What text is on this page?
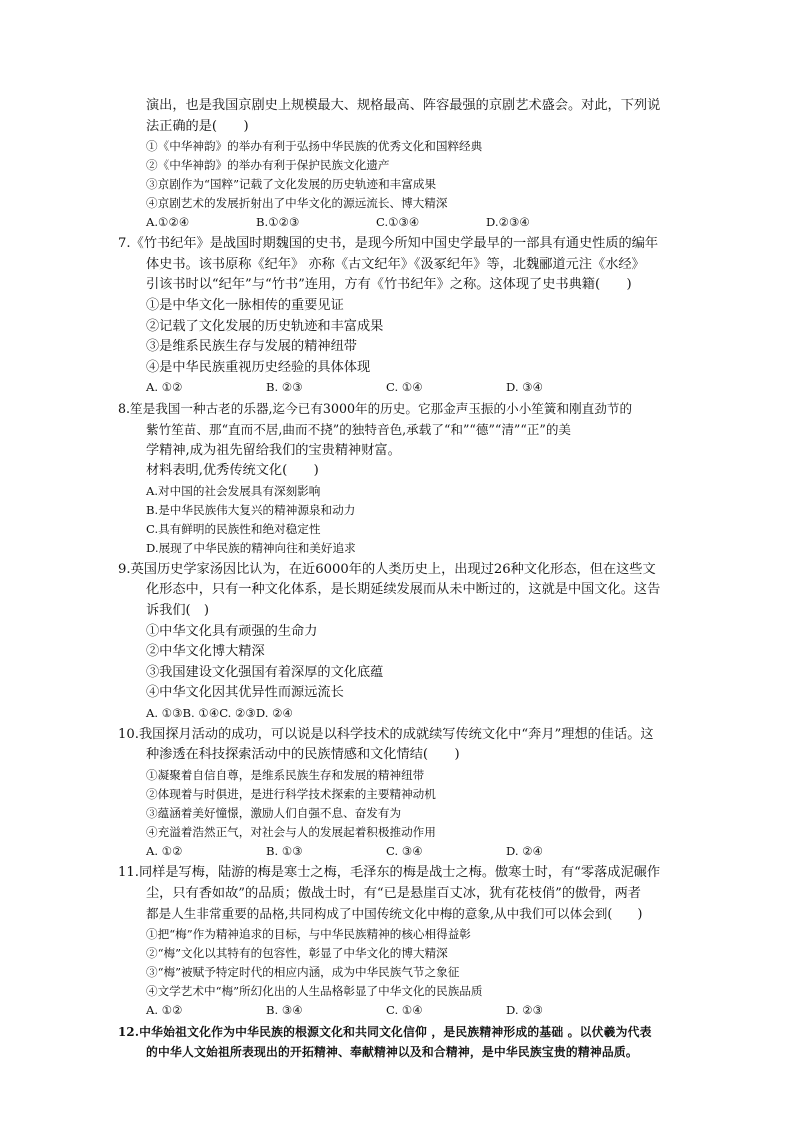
演出，也是我国京剧史上规模最大、规格最高、阵容最强的京剧艺术盛会。对此，下列说
法正确的是(　　)
①《中华神韵》的举办有利于弘扬中华民族的优秀文化和国粹经典
②《中华神韵》的举办有利于保护民族文化遗产
③京剧作为“国粹”记载了文化发展的历史轨迹和丰富成果
④京剧艺术的发展折射出了中华文化的源远流长、博大精深
A.①②④	B.①②③	C.①③④	D.②③④
7.《竹书纪年》是战国时期魏国的史书，是现今所知中国史学最早的一部具有通史性质的编年
体史书。该书原称《纪年》 亦称《古文纪年》《汲冢纪年》等，北魏郦道元注《水经》
引该书时以“纪年”与“竹书”连用，方有《竹书纪年》之称。这体现了史书典籍(　　)
①是中华文化一脉相传的重要见证
②记载了文化发展的历史轨迹和丰富成果
③是维系民族生存与发展的精神纽带
④是中华民族重视历史经验的具体体现
A. ①②	B. ②③	C. ①④	D. ③④
8.笙是我国一种古老的乐器,迄今已有3000年的历史。它那金声玉振的小小笙簧和刚直劲节的
紫竹笙苗、那“直而不居,曲而不挠”的独特音色,承载了“和”“德”“清”“正”的美
学精神,成为祖先留给我们的宝贵精神财富。
材料表明,优秀传统文化(　　)
A.对中国的社会发展具有深刻影响
B.是中华民族伟大复兴的精神源泉和动力
C.具有鲜明的民族性和绝对稳定性
D.展现了中华民族的精神向往和美好追求
9.英国历史学家汤因比认为，在近6000年的人类历史上，出现过26种文化形态，但在这些文
化形态中，只有一种文化体系，是长期延续发展而从未中断过的，这就是中国文化。这告
诉我们(　)
①中华文化具有顽强的生命力
②中华文化博大精深
③我国建设文化强国有着深厚的文化底蕴
④中华文化因其优异性而源远流长
A. ①③B. ①④C. ②③D. ②④
10.我国探月活动的成功，可以说是以科学技术的成就续写传统文化中“奔月”理想的佳话。这
种渗透在科技探索活动中的民族情感和文化情结(　　)
①凝聚着自信自尊，是维系民族生存和发展的精神纽带
②体现着与时俱进，是进行科学技术探索的主要精神动机
③蕴涵着美好憧憬，激励人们自强不息、奋发有为
④充溢着浩然正气，对社会与人的发展起着积极推动作用
A. ①②	B. ①③	C. ③④	D. ②④
11.同样是写梅，陆游的梅是寒士之梅，毛泽东的梅是战士之梅。傲寒士时，有“零落成泥碾作
尘，只有香如故”的品质；傲战士时，有“已是悬崖百丈冰，犹有花枝俏”的傲骨，两者
都是人生非常重要的品格,共同构成了中国传统文化中梅的意象,从中我们可以体会到(　　)
①把“梅”作为精神追求的目标，与中华民族精神的核心相得益彰
②“梅”文化以其特有的包容性，彰显了中华文化的博大精深
③“梅”被赋予特定时代的相应内涵，成为中华民族气节之象征
④文学艺术中“梅”所幻化出的人生品格彰显了中华文化的民族品质
A. ①②	B. ③④	C. ①④	D. ②③
12.中华始祖文化作为中华民族的根源文化和共同文化信仰 ，是民族精神形成的基础 。以伏羲为代表
的中华人文始祖所表现出的开拓精神、奉献精神以及和合精神，是中华民族宝贵的精神品质。
